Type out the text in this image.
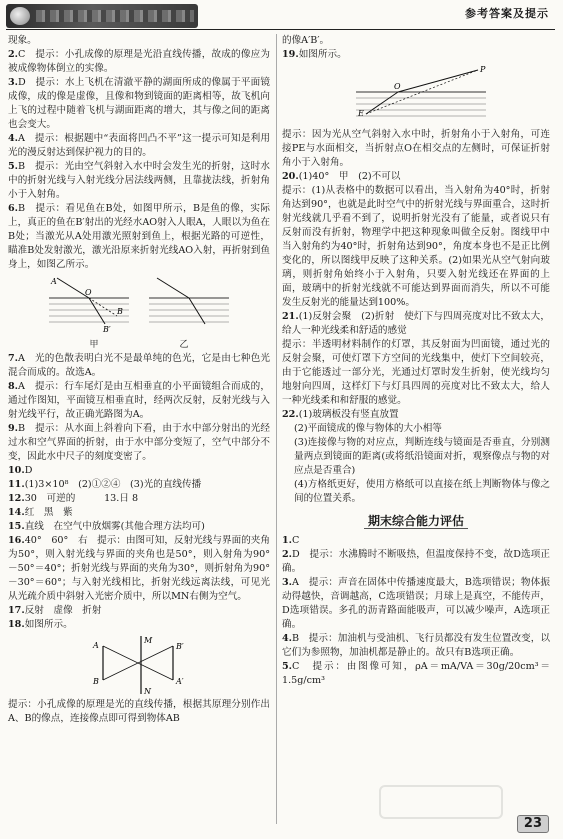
参考答案及提示

现象。

2.C　提示：小孔成像的原理是光沿直线传播，故成的像应为被成像物体倒立的实像。

3.D　提示：水上飞机在清澈平静的湖面所成的像属于平面镜成像，成的像是虚像，且像和物到镜面的距离相等，故飞机向上飞的过程中随着飞机与湖面距离的增大，其与像之间的距离也会变大。

4.A　提示：根据题中“表面将凹凸不平”这一提示可知是利用光的漫反射达到保护视力的目的。

5.B　提示：光由空气斜射入水中时会发生光的折射，这时水中的折射光线与入射光线分居法线两侧，且靠拢法线，折射角小于入射角。

6.B　提示：看见鱼在B处，如图甲所示，B是鱼的像，实际上，真正的鱼在B′射出的光经水AO射入人眼A，人眼以为鱼在B处；当激光从A处用激光照射到鱼上，根据光路的可逆性，瞄准B处发射激光，激光沿原来折射光线AO入射，再折射到鱼身上，如图乙所示。

A
O
B
B′
甲	乙

7.A　光的色散表明白光不是最单纯的色光，它是由七种色光混合而成的。故选A。

8.A　提示：行车尾灯是由互相垂直的小平面镜组合而成的，通过作图知，平面镜互相垂直时，经两次反射，反射光线与入射光线平行，故正确光路图为A。

9.B　提示：从水面上斜着向下看，由于水中部分射出的光经过水和空气界面的折射，由于水中部分变短了，空气中部分不变，因此水中尺子的刻度变密了。

10.D

11.(1)3×10⁸　(2)①②④　(3)光的直线传播

12.30　可逆的　　　13.日 8

14.红　黑　紫

15.直线　在空气中放烟雾(其他合理方法均可)

16.40°　60°　右　提示：由图可知，反射光线与界面的夹角为50°，则入射光线与界面的夹角也是50°，则入射角为90°－50°＝40°；折射光线与界面的夹角为30°，则折射角为90°－30°＝60°；与入射光线相比，折射光线远离法线，可见光从光疏介质中斜射入光密介质中，所以MN右侧为空气。

17.反射　虚像　折射

18.如图所示。

A
B
M
N
B′
A′

提示：小孔成像的原理是光的直线传播，根据其原理分别作出A、B的像点，连接像点即可得到物体AB

的像A′B′。

19.如图所示。

P
E
O

提示：因为光从空气斜射入水中时，折射角小于入射角，可连接PE与水面相交，当折射点O在相交点的左侧时，可保证折射角小于入射角。

20.(1)40°　甲　(2)不可以

提示：(1)从表格中的数据可以看出，当入射角为40°时，折射角达到90°，也就是此时空气中的折射光线与界面重合，这时折射光线就几乎看不到了，说明折射光没有了能量，或者说只有反射而没有折射，物理学中把这种现象叫做全反射。图线甲中当入射角约为40°时，折射角达到90°，角度本身也不是正比例变化的，所以图线甲反映了这种关系。(2)如果光从空气射向玻璃，则折射角始终小于入射角，只要入射光线还在界面的上面，玻璃中的折射光线就不可能达到界面而消失，所以不可能发生反射光的能量达到100%。

21.(1)反射会聚　(2)折射　使灯下与四周亮度对比不致太大，给人一种光线柔和舒适的感觉

提示：半透明材料制作的灯罩，其反射面为凹面镜，通过光的反射会聚，可使灯罩下方空间的光线集中，使灯下空间较亮，由于它能透过一部分光，光通过灯罩时发生折射，使光线均匀地射向四周，这样灯下与灯具四周的亮度对比不致太大，给人一种光线柔和和舒服的感觉。

22.(1)玻璃板没有竖直放置

(2)平面镜成的像与物体的大小相等

(3)连接像与物的对应点，判断连线与镜面是否垂直，分别测量两点到镜面的距离(或将纸沿镜面对折，观察像点与物的对应点是否重合)

(4)方格纸更好，使用方格纸可以直接在纸上判断物体与像之间的位置关系。

期末综合能力评估

1.C

2.D　提示：水沸腾时不断吸热，但温度保持不变，故D选项正确。

3.A　提示：声音在固体中传播速度最大，B选项错误；物体振动得越快，音调越高，C选项错误；月球上是真空，不能传声，D选项错误。多孔的沥青路面能吸声，可以减少噪声，A选项正确。

4.B　提示：加油机与受油机、飞行员都没有发生位置改变，以它们为参照物，加油机都是静止的。故只有B选项正确。

5.C　提示：由图像可知，ρA＝mA/VA＝30g/20cm³＝1.5g/cm³

23
